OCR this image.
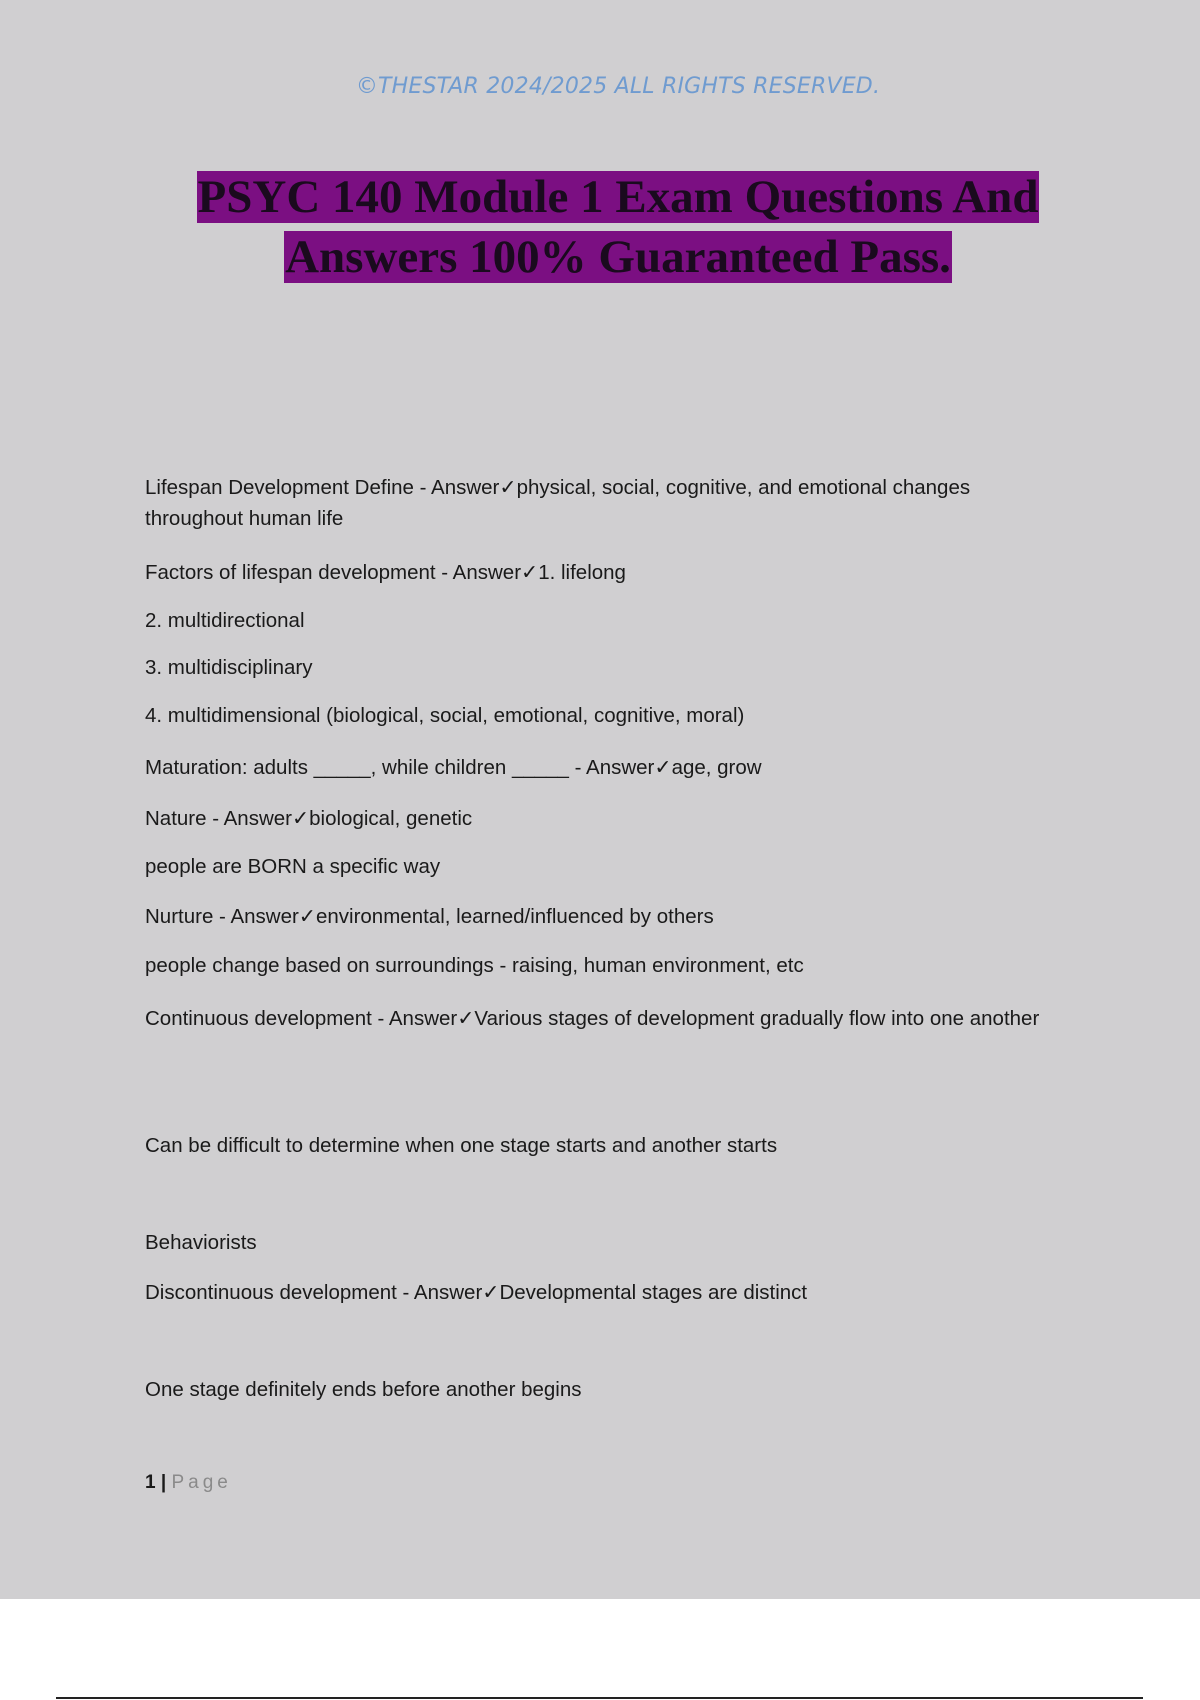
©THESTAR 2024/2025 ALL RIGHTS RESERVED.
PSYC 140 Module 1 Exam Questions And
Answers 100% Guaranteed Pass.
Lifespan Development Define - Answer✓physical, social, cognitive, and emotional changes throughout human life
Factors of lifespan development - Answer✓1. lifelong
2. multidirectional
3. multidisciplinary
4. multidimensional (biological, social, emotional, cognitive, moral)
Maturation: adults _____, while children _____ - Answer✓age, grow
Nature - Answer✓biological, genetic
people are BORN a specific way
Nurture - Answer✓environmental, learned/influenced by others
people change based on surroundings - raising, human environment, etc
Continuous development - Answer✓Various stages of development gradually flow into one another
Can be difficult to determine when one stage starts and another starts
Behaviorists
Discontinuous development - Answer✓Developmental stages are distinct
One stage definitely ends before another begins
1 | Page
